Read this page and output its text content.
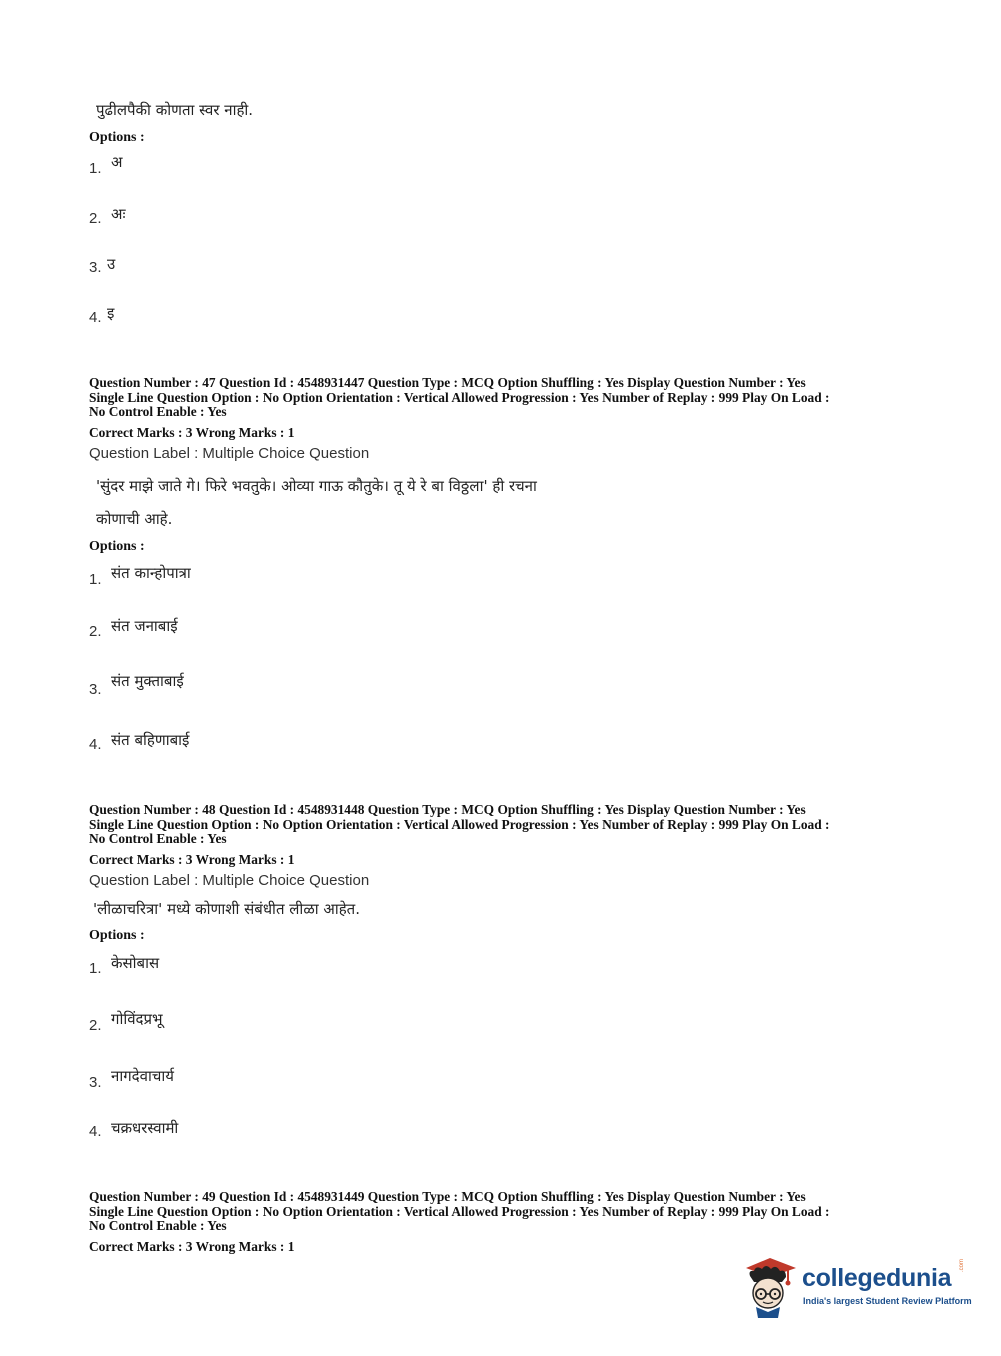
पुढीलपैकी कोणता स्वर नाही.
Options :
1. अ
2. अः
3. उ
4. इ
Question Number : 47 Question Id : 4548931447 Question Type : MCQ Option Shuffling : Yes Display Question Number : Yes
Single Line Question Option : No Option Orientation : Vertical Allowed Progression : Yes Number of Replay : 999 Play On Load :
No Control Enable : Yes
Correct Marks : 3 Wrong Marks : 1
Question Label : Multiple Choice Question
'सुंदर माझे जाते गे। फिरे भवतुके। ओव्या गाऊ कौतुके। तू ये रे बा विठ्ठला' ही रचना
कोणाची आहे.
Options :
1. संत कान्होपात्रा
2. संत जनाबाई
3. संत मुक्ताबाई
4. संत बहिणाबाई
Question Number : 48 Question Id : 4548931448 Question Type : MCQ Option Shuffling : Yes Display Question Number : Yes
Single Line Question Option : No Option Orientation : Vertical Allowed Progression : Yes Number of Replay : 999 Play On Load :
No Control Enable : Yes
Correct Marks : 3 Wrong Marks : 1
Question Label : Multiple Choice Question
'लीळाचरित्रा' मध्ये कोणाशी संबंधीत लीळा आहेत.
Options :
1. केसोबास
2. गोविंदप्रभू
3. नागदेवाचार्य
4. चक्रधरस्वामी
Question Number : 49 Question Id : 4548931449 Question Type : MCQ Option Shuffling : Yes Display Question Number : Yes
Single Line Question Option : No Option Orientation : Vertical Allowed Progression : Yes Number of Replay : 999 Play On Load :
No Control Enable : Yes
Correct Marks : 3 Wrong Marks : 1
collegedunia .com
India's largest Student Review Platform
